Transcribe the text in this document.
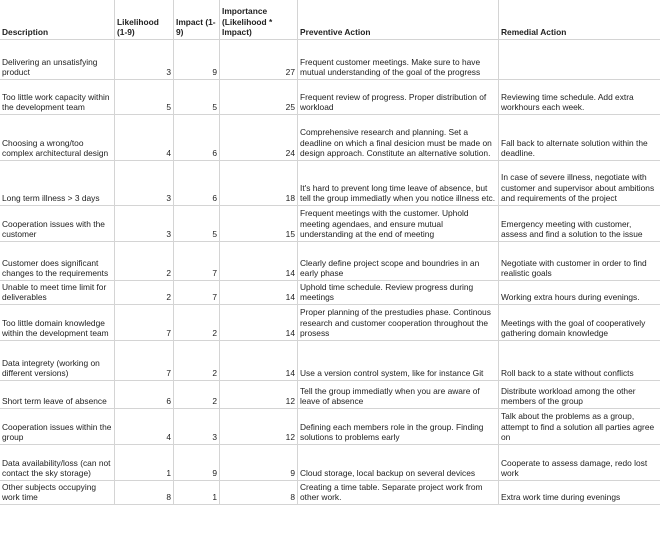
Description	Likelihood (1-9)	Impact (1-9)	Importance (Likelihood * Impact)	Preventive Action	Remedial Action
Delivering an unsatisfying product	3	9	27	Frequent customer meetings. Make sure to have mutual understanding of the goal of the progress	
Too little work capacity within the development team	5	5	25	Frequent review of progress. Proper distribution of workload	Reviewing time schedule. Add extra workhours each week.
Choosing a wrong/too complex architectural design	4	6	24	Comprehensive research and planning. Set a deadline on which a final desicion must be made on design approach. Constitute an alternative solution.	Fall back to alternate solution within the deadline.
Long term illness > 3 days	3	6	18	It's hard to prevent long time leave of absence, but tell the group immediatly when you notice illness etc.	In case of severe illness, negotiate with customer and supervisor about ambitions and requirements of the project
Cooperation issues with the customer	3	5	15	Frequent meetings with the customer. Uphold meeting agendaes, and ensure mutual understanding at the end of meeting	Emergency meeting with customer, assess and find a solution to the issue
Customer does significant changes to the requirements	2	7	14	Clearly define project scope and boundries in an early phase	Negotiate with customer in order to find realistic goals
Unable to meet time limit for deliverables	2	7	14	Uphold time schedule. Review progress during meetings	Working extra hours during evenings.
Too little domain knowledge within the development team	7	2	14	Proper planning of the prestudies phase. Continous research and customer cooperation throughout the prosess	Meetings with the goal of cooperatively gathering domain knowledge
Data integrety (working on different versions)	7	2	14	Use a version control system, like for instance Git	Roll back to a state without conflicts
Short term leave of absence	6	2	12	Tell the group immediatly when you are aware of leave of absence	Distribute workload among the other members of the group
Cooperation issues within the group	4	3	12	Defining each members role in the group. Finding solutions to problems early	Talk about the problems as a group, attempt to find a solution all parties agree on
Data availability/loss (can not contact the sky storage)	1	9	9	Cloud storage, local backup on several devices	Cooperate to assess damage, redo lost work
Other subjects occupying work time	8	1	8	Creating a time table. Separate project work from other work.	Extra work time during evenings
